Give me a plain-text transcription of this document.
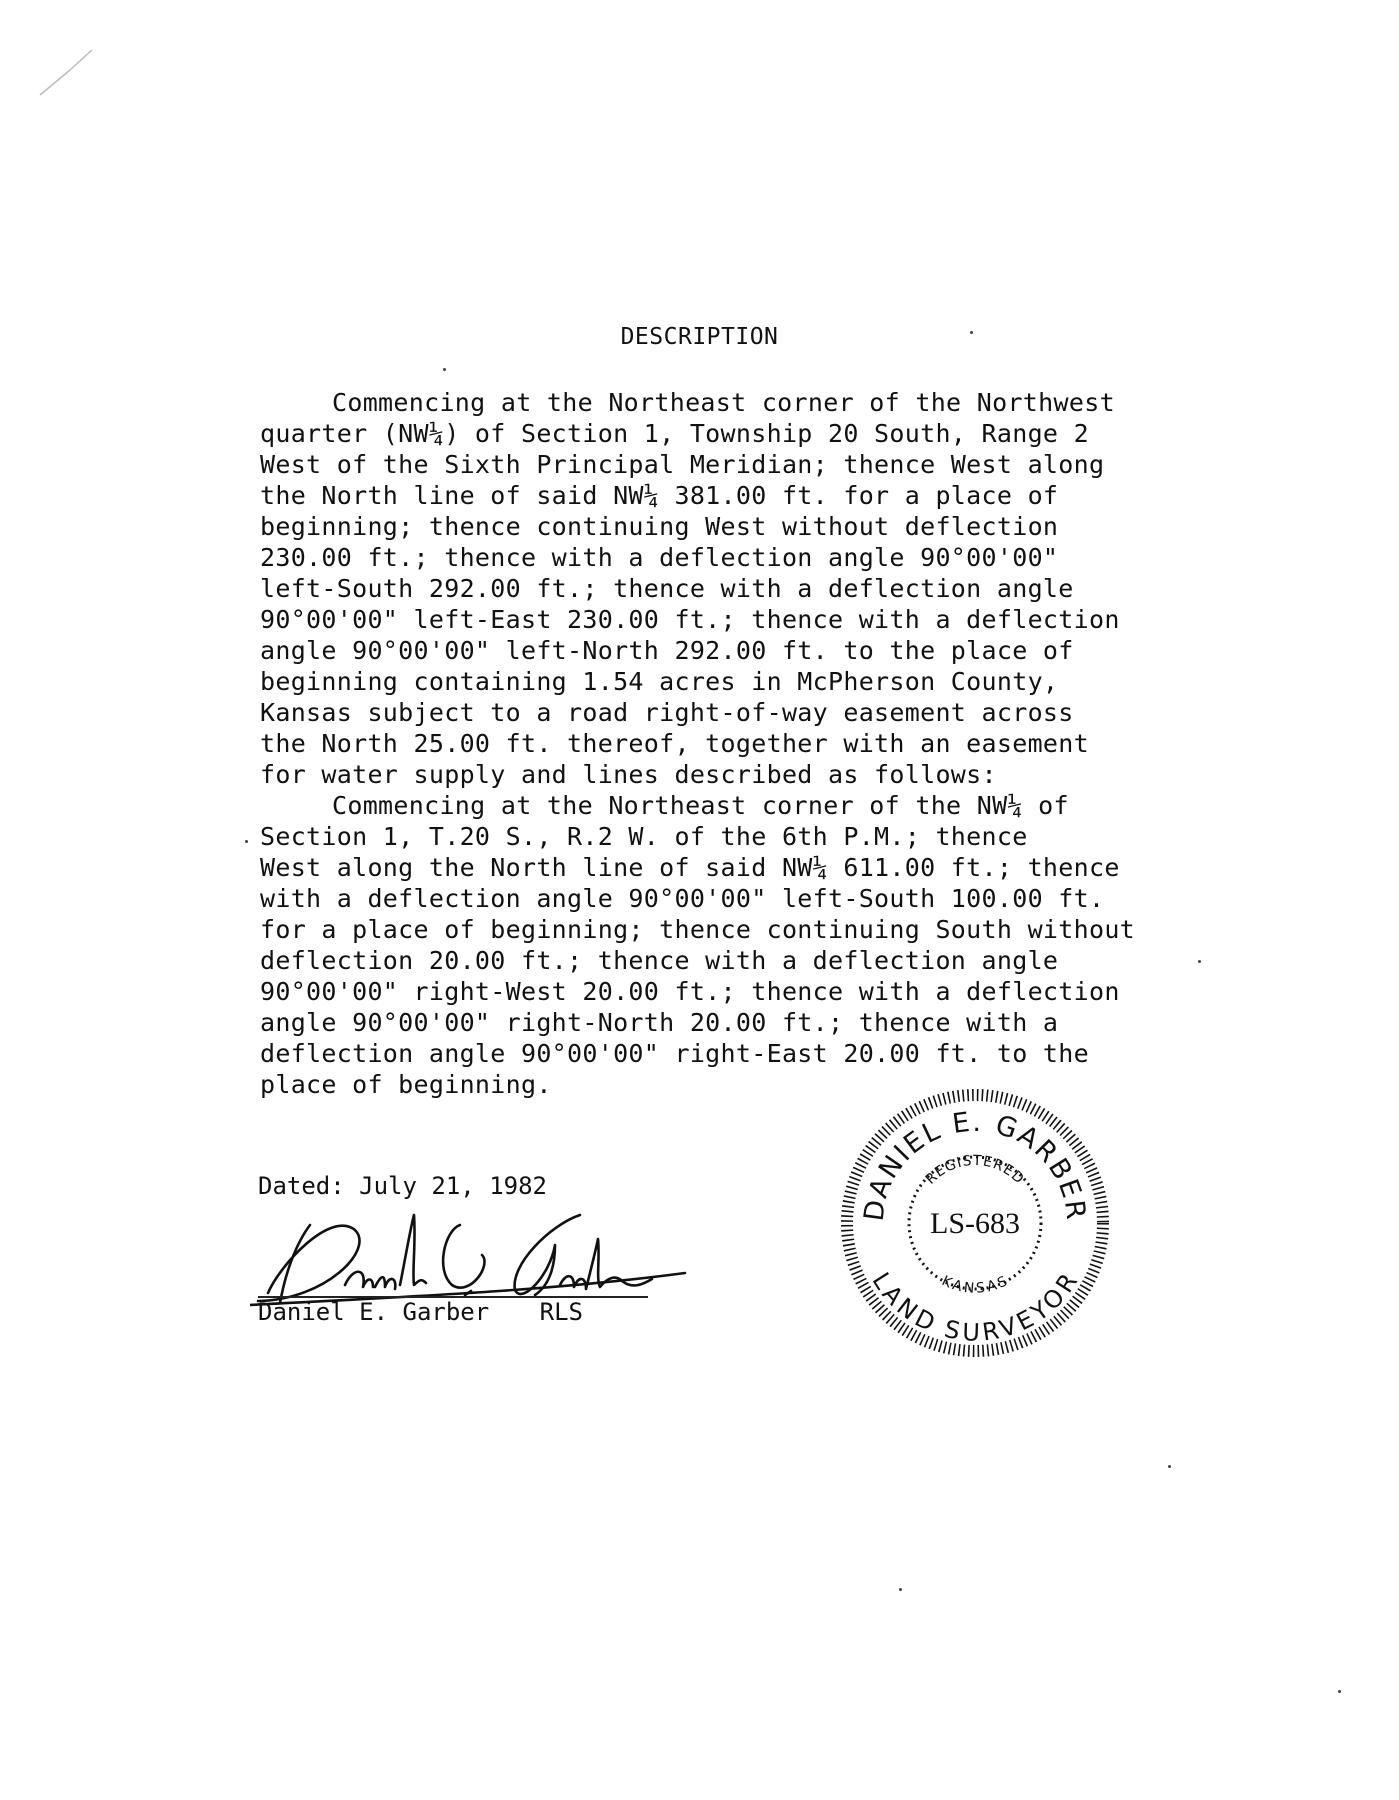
DESCRIPTION
Commencing at the Northeast corner of the Northwest
quarter (NW¼) of Section 1, Township 20 South, Range 2
West of the Sixth Principal Meridian; thence West along
the North line of said NW¼ 381.00 ft. for a place of
beginning; thence continuing West without deflection
230.00 ft.; thence with a deflection angle 90°00'00"
left-South 292.00 ft.; thence with a deflection angle
90°00'00" left-East 230.00 ft.; thence with a deflection
angle 90°00'00" left-North 292.00 ft. to the place of
beginning containing 1.54 acres in McPherson County,
Kansas subject to a road right-of-way easement across
the North 25.00 ft. thereof, together with an easement
for water supply and lines described as follows:
Commencing at the Northeast corner of the NW¼ of
Section 1, T.20 S., R.2 W. of the 6th P.M.; thence
West along the North line of said NW¼ 611.00 ft.; thence
with a deflection angle 90°00'00" left-South 100.00 ft.
for a place of beginning; thence continuing South without
deflection 20.00 ft.; thence with a deflection angle
90°00'00" right-West 20.00 ft.; thence with a deflection
angle 90°00'00" right-North 20.00 ft.; thence with a
deflection angle 90°00'00" right-East 20.00 ft. to the
place of beginning.
Dated: July 21, 1982
Daniel E. Garber RLS
DANIEL E. GARBER
LAND SURVEYOR
REGISTERED
KANSAS
LS-683
